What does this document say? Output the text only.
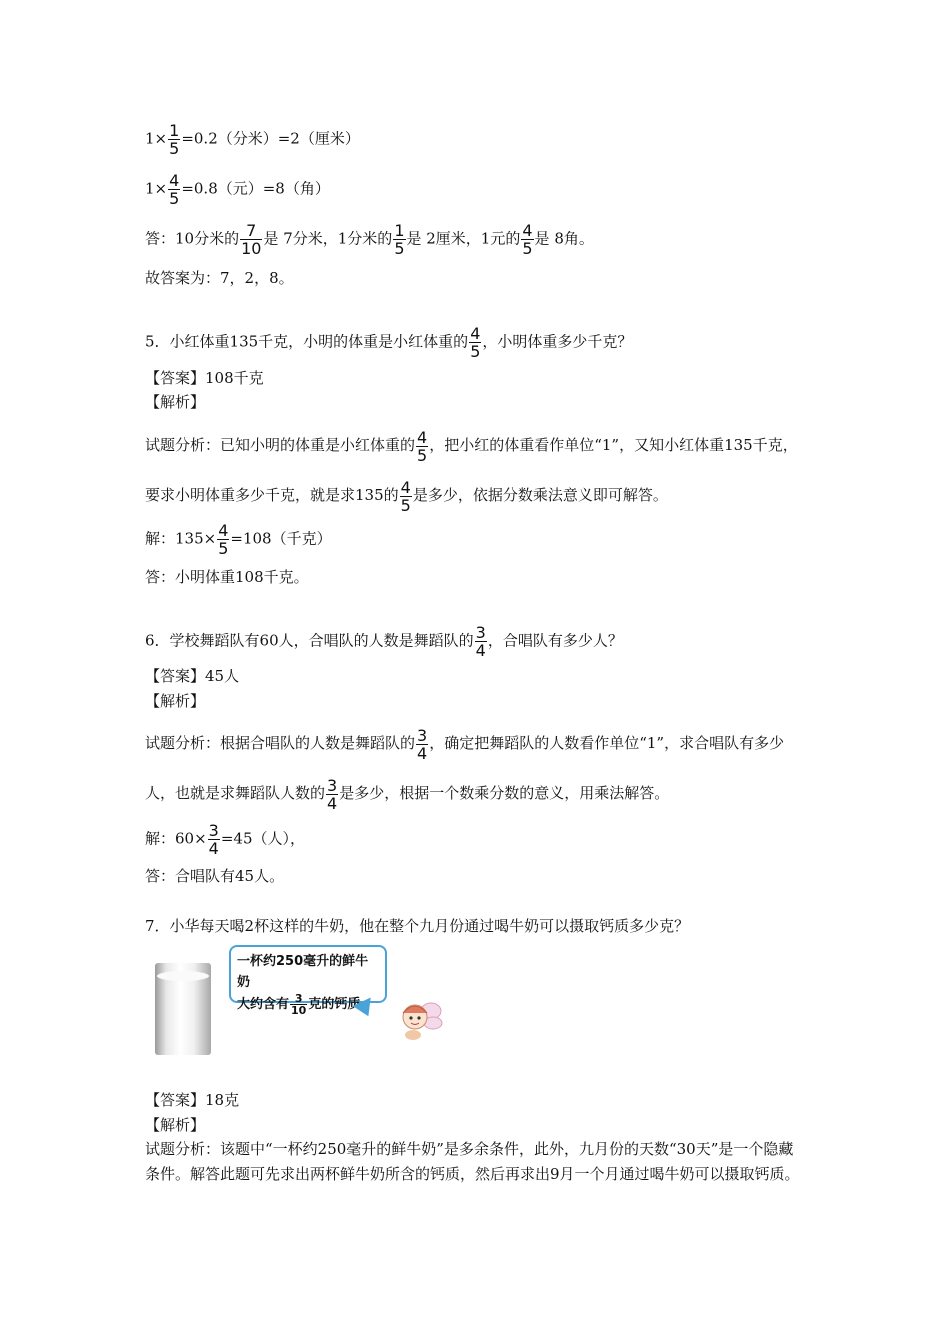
$1\times \frac{1}{5} =0.2$（分米）=2（厘米）
$1\times \frac{4}{5} =0.8$（元）=8（角）
答：10分米的 $\frac{7}{10}$ 是 7分米，1分米的 $\frac{1}{5}$ 是 2厘米，1元的 $\frac{4}{5}$ 是 8角。
故答案为：7，2，8。
5．小红体重135千克，小明的体重是小红体重的 $\frac{4}{5}$ ，小明体重多少千克？
【答案】108千克
【解析】
试题分析：已知小明的体重是小红体重的 $\frac{4}{5}$ ，把小红的体重看作单位“1”，又知小红体重135千克，要求小明体重多少千克，就是求135的 $\frac{4}{5}$ 是多少，依据分数乘法意义即可解答。
解：$135\times \frac{4}{5} =108$（千克）
答：小明体重108千克。
6．学校舞蹈队有60人，合唱队的人数是舞蹈队的 $\frac{3}{4}$ ，合唱队有多少人？
【答案】45人
【解析】
试题分析：根据合唱队的人数是舞蹈队的 $\frac{3}{4}$ ，确定把舞蹈队的人数看作单位“1”，求合唱队有多少人，也就是求舞蹈队人数的 $\frac{3}{4}$ 是多少，根据一个数乘分数的意义，用乘法解答。
解：$60\times \frac{3}{4} =45$（人），
答：合唱队有45人。
7．小华每天喝2杯这样的牛奶，他在整个九月份通过喝牛奶可以摄取钙质多少克？
一杯约250毫升的鲜牛奶
大约含有 $\frac{3}{10}$ 克的钙质。
【答案】18克
【解析】
试题分析：该题中“一杯约250毫升的鲜牛奶”是多余条件，此外，九月份的天数“30天”是一个隐藏条件。解答此题可先求出两杯鲜牛奶所含的钙质，然后再求出9月一个月通过喝牛奶可以摄取钙质。
